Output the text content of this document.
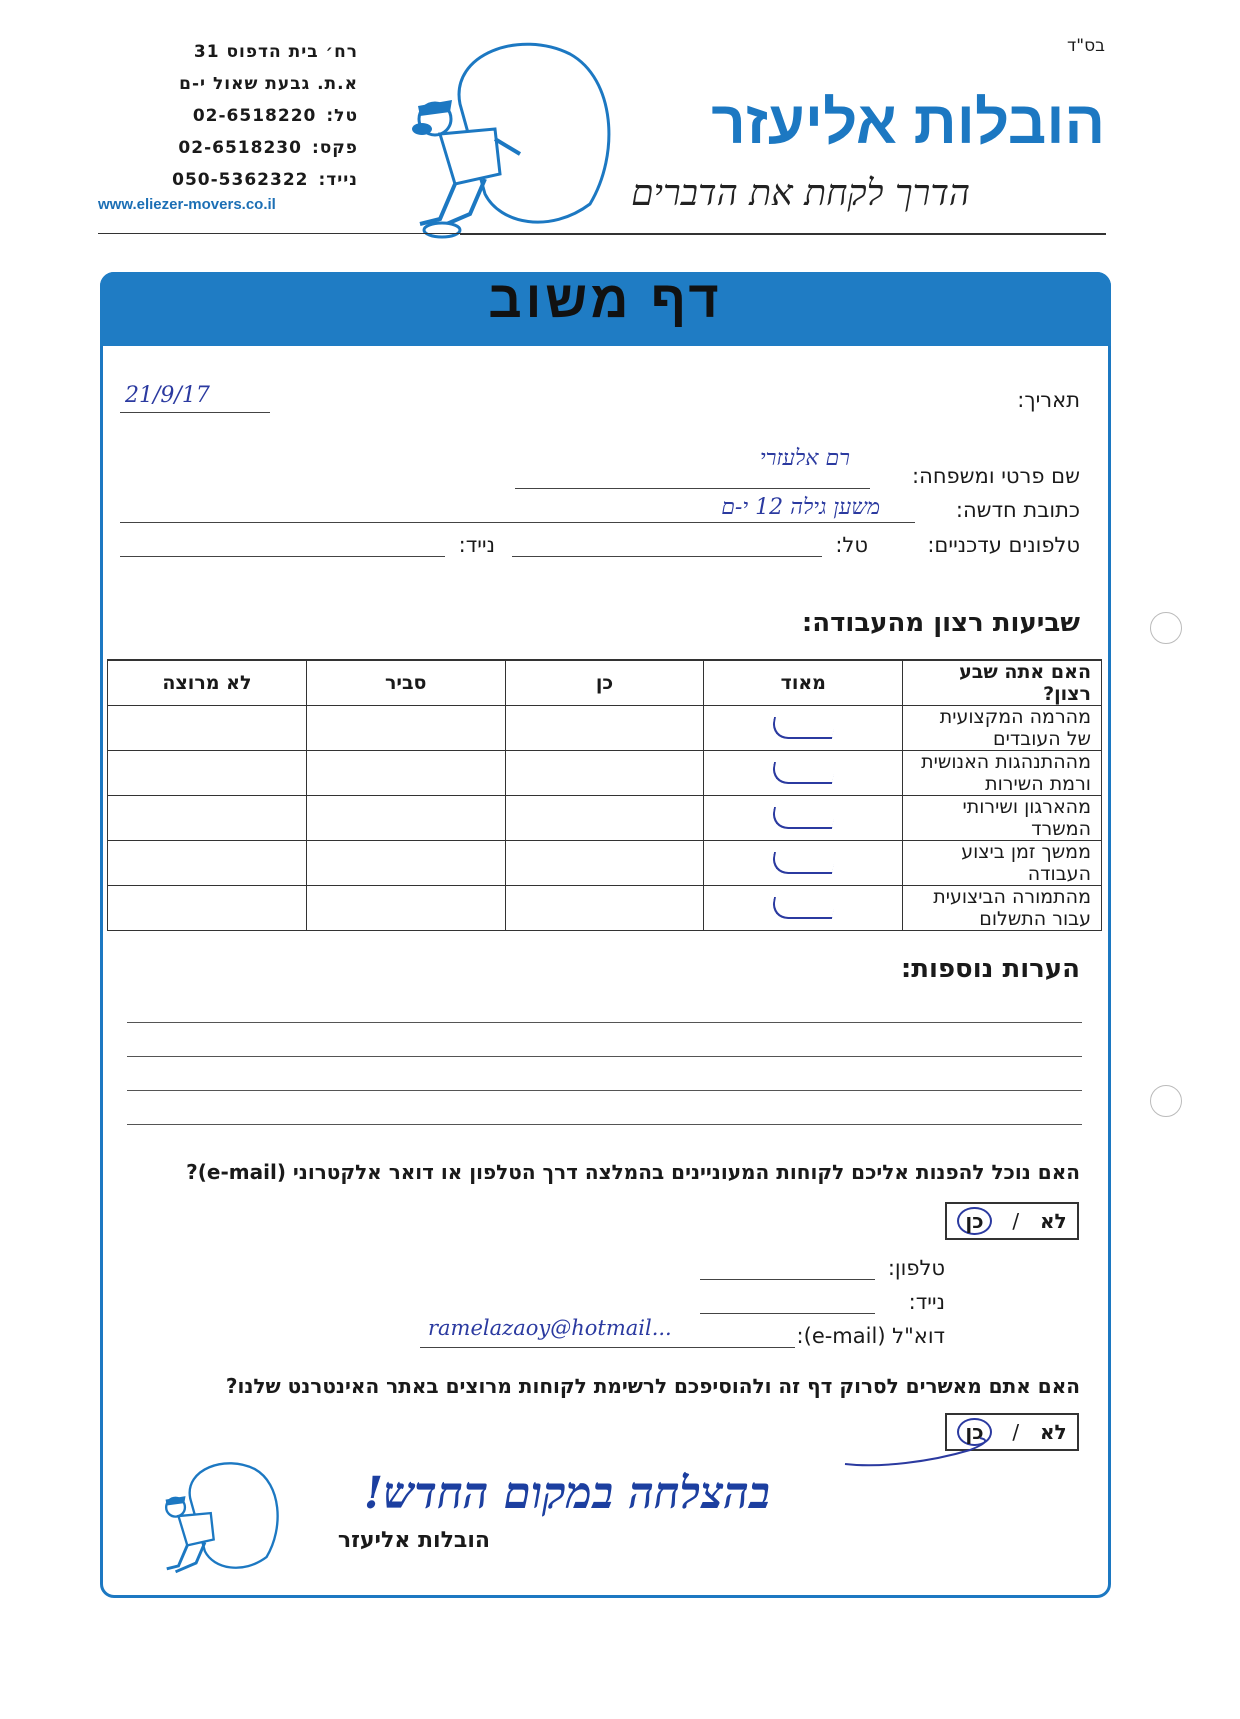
בס"ד
רח׳ בית הדפוס 31
א.ת. גבעת שאול י-ם
02-6518220 טל:
02-6518230 פקס:
050-5362322 נייד:
www.eliezer-movers.co.il
הובלות אליעזר
הדרך לקחת את הדברים
דף משוב
תאריך:
21/9/17
שם פרטי ומשפחה:
רם אלעזרי
כתובת חדשה:
משען גילה 12 י-ם
טלפונים עדכניים:
טל:
נייד:
שביעות רצון מהעבודה:
האם אתה שבע רצון?	מאוד	כן	סביר	לא מרוצה
מהרמה המקצועית של העובדים	

מההתנהגות האנושית ורמת השירות	

מהארגון ושירותי המשרד	

ממשך זמן ביצוע העבודה	

מהתמורה הביצועית עבור התשלום	

הערות נוספות:
האם נוכל להפנות אליכם לקוחות המעוניינים בהמלצה דרך הטלפון או דואר אלקטרוני (e-mail)?
לא
/
כן
טלפון:
נייד:
דוא"ל (e-mail):
ramelazaoy@hotmail...
האם אתם מאשרים לסרוק דף זה ולהוסיפכם לרשימת לקוחות מרוצים באתר האינטרנט שלנו?
לא
/
כן
בהצלחה במקום החדש!
הובלות אליעזר
